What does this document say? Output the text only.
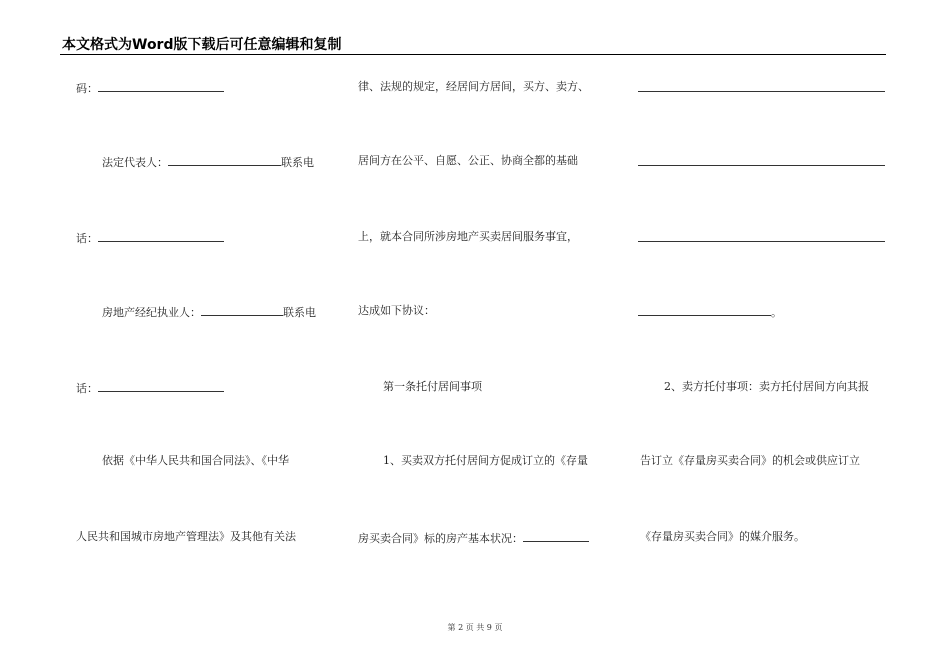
本文格式为Word版下载后可任意编辑和复制
码：
法定代表人：	联系电
话：
房地产经纪执业人：	联系电
话：
依据《中华人民共和国合同法》、《中华
人民共和国城市房地产管理法》及其他有关法
律、法规的规定，经居间方居间，买方、卖方、
居间方在公平、自愿、公正、协商全都的基础
上，就本合同所涉房地产买卖居间服务事宜，
达成如下协议：
第一条托付居间事项
1、买卖双方托付居间方促成订立的《存量
房买卖合同》标的房产基本状况：
。
2、卖方托付事项：卖方托付居间方向其报
告订立《存量房买卖合同》的机会或供应订立
《存量房买卖合同》的媒介服务。
第 2 页 共 9 页
